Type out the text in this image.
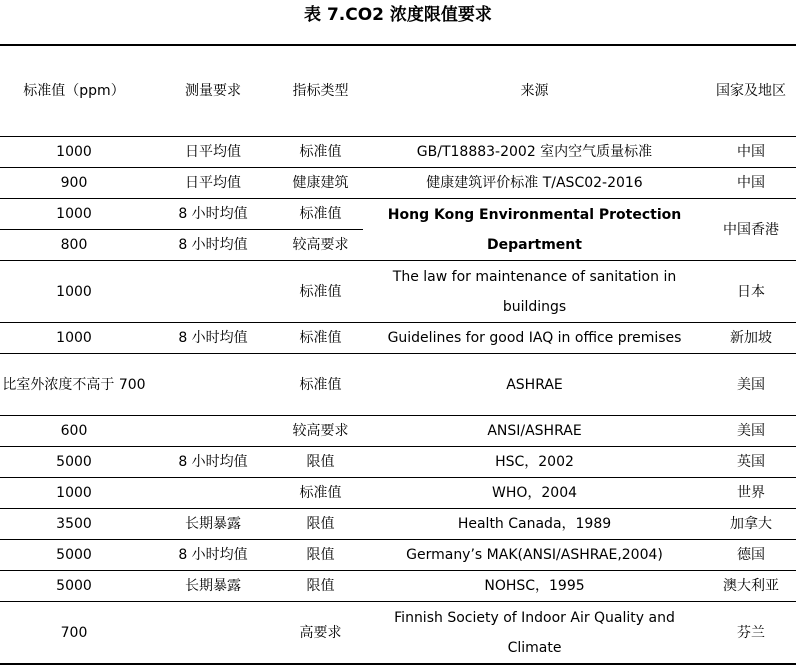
表 7.CO2 浓度限值要求
标准值（ppm）	测量要求	指标类型	来源	国家及地区
1000	日平均值	标准值	GB/T18883-2002 室内空气质量标准	中国
900	日平均值	健康建筑	健康建筑评价标准 T/ASC02-2016	中国
1000	8 小时均值	标准值	Hong Kong Environmental Protection Department	中国香港
800	8 小时均值	较高要求		
1000		标准值	The law for maintenance of sanitation in buildings	日本
1000	8 小时均值	标准值	Guidelines for good IAQ in office premises	新加坡
比室外浓度不高于 700		标准值	ASHRAE	美国
600		较高要求	ANSI/ASHRAE	美国
5000	8 小时均值	限值	HSC，2002	英国
1000		标准值	WHO，2004	世界
3500	长期暴露	限值	Health Canada，1989	加拿大
5000	8 小时均值	限值	Germany’s MAK(ANSI/ASHRAE,2004)	德国
5000	长期暴露	限值	NOHSC，1995	澳大利亚
700		高要求	Finnish Society of Indoor Air Quality and Climate	芬兰
